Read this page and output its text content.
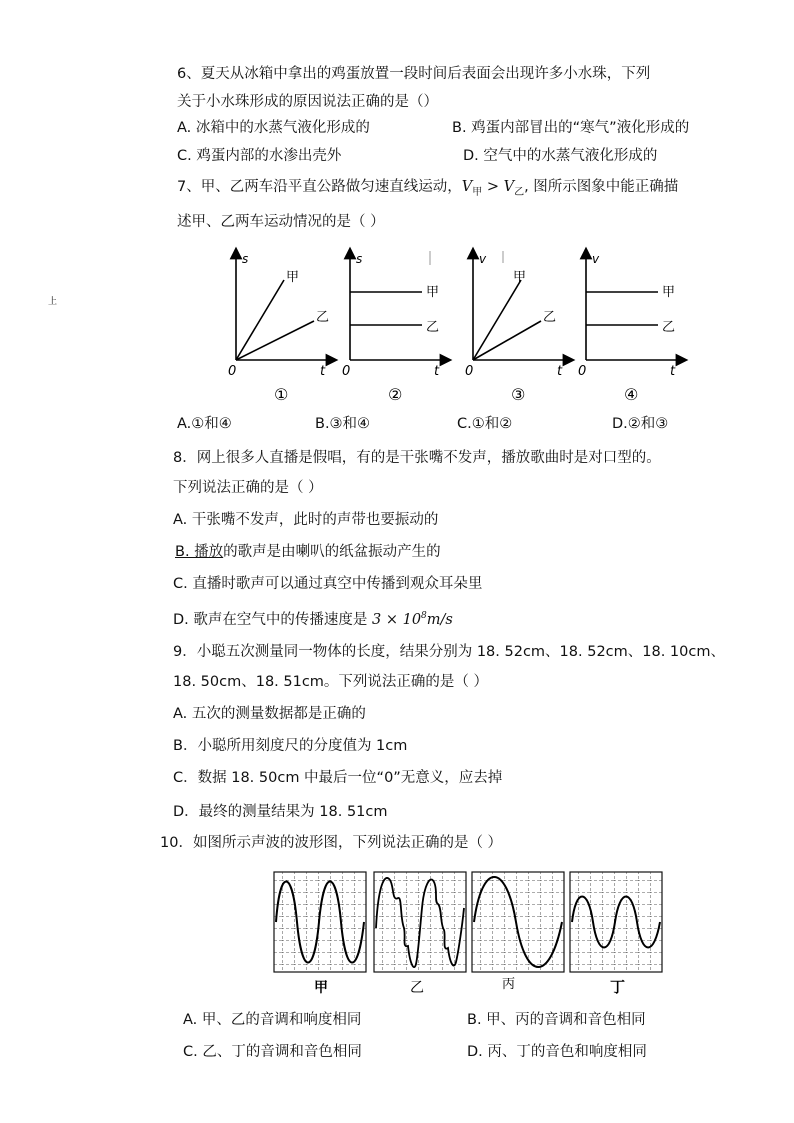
上
6、夏天从冰箱中拿出的鸡蛋放置一段时间后表面会出现许多小水珠，下列
关于小水珠形成的原因说法正确的是（）
A. 冰箱中的水蒸气液化形成的	B. 鸡蛋内部冒出的“寒气”液化形成的
C. 鸡蛋内部的水渗出壳外	D. 空气中的水蒸气液化形成的
7、甲、乙两车沿平直公路做匀速直线运动，$V_甲 > V_乙$, 图所示图象中能正确描
述甲、乙两车运动情况的是（ ）
s
甲
乙
0	t
①
s
甲
乙
0	t
②
v
甲
乙
0	t
③
v
甲
乙
0	t
④
A.①和④	B.③和④	C.①和②	D.②和③
8．网上很多人直播是假唱，有的是干张嘴不发声，播放歌曲时是对口型的。
下列说法正确的是（ ）
A. 干张嘴不发声，此时的声带也要振动的
B. 播放的歌声是由喇叭的纸盆振动产生的
C. 直播时歌声可以通过真空中传播到观众耳朵里
D. 歌声在空气中的传播速度是 $3 \times 10^8m/s$
9．小聪五次测量同一物体的长度，结果分别为 18. 52cm、18. 52cm、18. 10cm、
18. 50cm、18. 51cm。下列说法正确的是（ ）
A. 五次的测量数据都是正确的
B．小聪所用刻度尺的分度值为 1cm
C．数据 18. 50cm 中最后一位“0”无意义，应去掉
D．最终的测量结果为 18. 51cm
10．如图所示声波的波形图，下列说法正确的是（ ）
甲	乙	丙	丁
A. 甲、乙的音调和响度相同	B. 甲、丙的音调和音色相同
C. 乙、丁的音调和音色相同	D. 丙、丁的音色和响度相同
